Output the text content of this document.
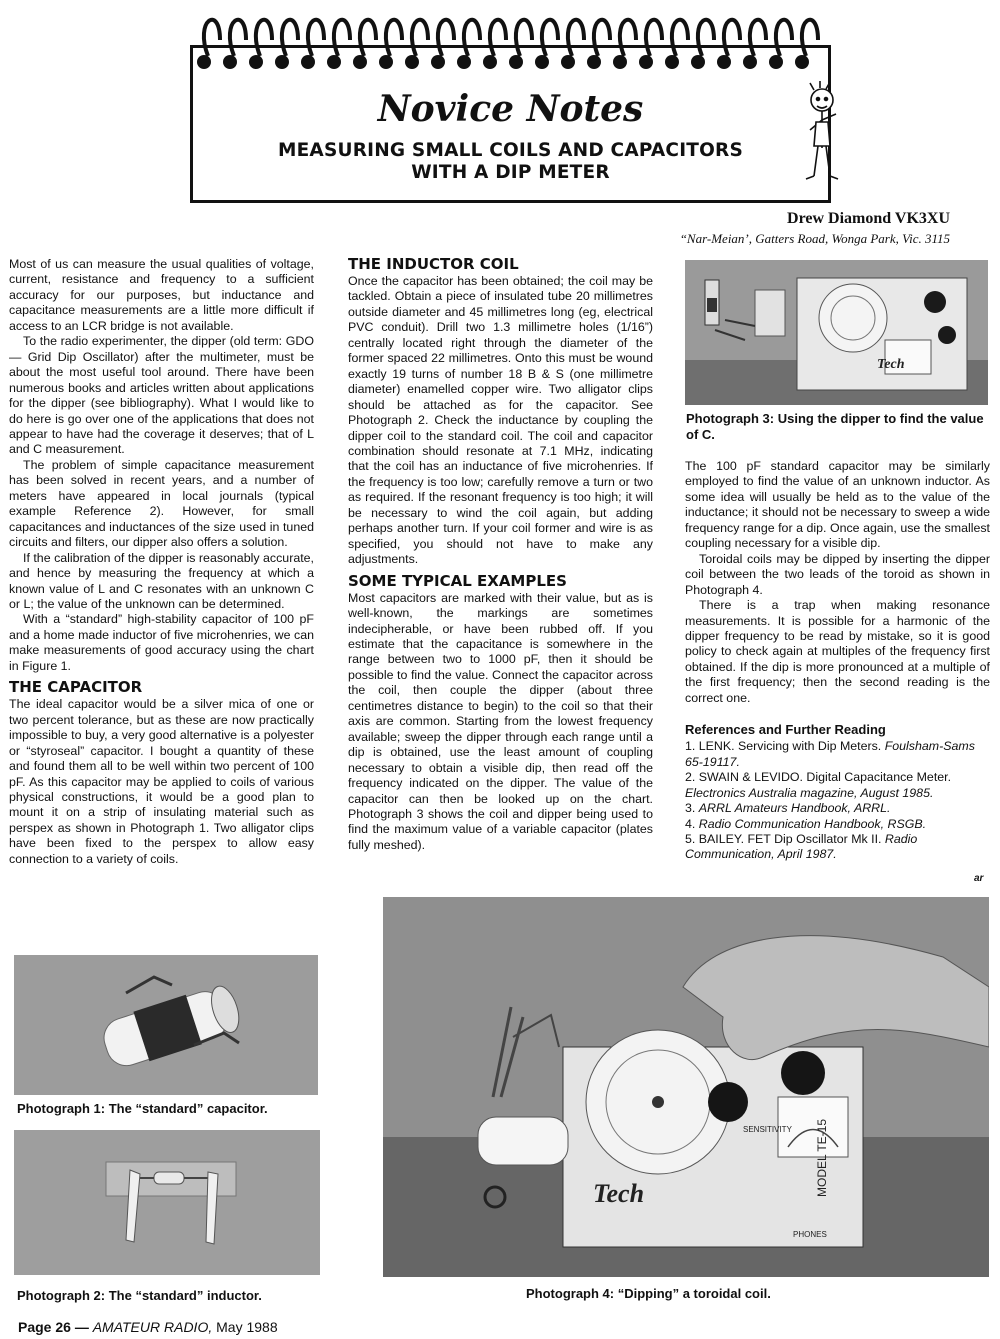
Novice Notes
MEASURING SMALL COILS AND CAPACITORS
WITH A DIP METER
Drew Diamond VK3XU
“Nar-Meian’, Gatters Road, Wonga Park, Vic. 3115

Most of us can measure the usual qualities of voltage, current, resistance and frequency to a sufficient accuracy for our purposes, but inductance and capacitance measurements are a little more difficult if access to an LCR bridge is not available.

To the radio experimenter, the dipper (old term: GDO — Grid Dip Oscillator) after the multimeter, must be about the most useful tool around. There have been numerous books and articles written about applications for the dipper (see bibliography). What I would like to do here is go over one of the applications that does not appear to have had the coverage it deserves; that of L and C measurement.

The problem of simple capacitance measurement has been solved in recent years, and a number of meters have appeared in local journals (typical example Reference 2). However, for small capacitances and inductances of the size used in tuned circuits and filters, our dipper also offers a solution.

If the calibration of the dipper is reasonably accurate, and hence by measuring the frequency at which a known value of L and C resonates with an unknown C or L; the value of the unknown can be determined.

With a “standard” high-stability capacitor of 100 pF and a home made inductor of five microhenries, we can make measurements of good accuracy using the chart in Figure 1.

THE CAPACITOR

The ideal capacitor would be a silver mica of one or two percent tolerance, but as these are now practically impossible to buy, a very good alternative is a polyester or “styroseal” capacitor. I bought a quantity of these and found them all to be well within two percent of 100 pF. As this capacitor may be applied to coils of various physical constructions, it would be a good plan to mount it on a strip of insulating material such as perspex as shown in Photograph 1. Two alligator clips have been fixed to the perspex to allow easy connection to a variety of coils.

THE INDUCTOR COIL

Once the capacitor has been obtained; the coil may be tackled. Obtain a piece of insulated tube 20 millimetres outside diameter and 45 millimetres long (eg, electrical PVC conduit). Drill two 1.3 millimetre holes (1/16”) centrally located right through the diameter of the former spaced 22 millimetres. Onto this must be wound exactly 19 turns of number 18 B & S (one millimetre diameter) enamelled copper wire. Two alligator clips should be attached as for the capacitor. See Photograph 2. Check the inductance by coupling the dipper coil to the standard coil. The coil and capacitor combination should resonate at 7.1 MHz, indicating that the coil has an inductance of five microhenries. If the frequency is too low; carefully remove a turn or two as required. If the resonant frequency is too high; it will be necessary to wind the coil again, but adding perhaps another turn. If your coil former and wire is as specified, you should not have to make any adjustments.

SOME TYPICAL EXAMPLES

Most capacitors are marked with their value, but as is well-known, the markings are sometimes indecipherable, or have been rubbed off. If you estimate that the capacitance is somewhere in the range between two to 1000 pF, then it should be possible to find the value. Connect the capacitor across the coil, then couple the dipper (about three centimetres distance to begin) to the coil so that their axis are common. Starting from the lowest frequency available; sweep the dipper through each range until a dip is obtained, use the least amount of coupling necessary to obtain a visible dip, then read off the frequency indicated on the dipper. The value of the capacitor can then be looked up on the chart. Photograph 3 shows the coil and dipper being used to find the maximum value of a variable capacitor (plates fully meshed).

The 100 pF standard capacitor may be similarly employed to find the value of an unknown inductor. As some idea will usually be held as to the value of the inductance; it should not be necessary to sweep a wide frequency range for a dip. Once again, use the smallest coupling necessary for a visible dip.

Toroidal coils may be dipped by inserting the dipper coil between the two leads of the toroid as shown in Photograph 4.

There is a trap when making resonance measurements. It is possible for a harmonic of the dipper frequency to be read by mistake, so it is good policy to check again at multiples of the frequency first obtained. If the dip is more pronounced at a multiple of the first frequency; then the second reading is the correct one.

References and Further Reading
1. LENK. Servicing with Dip Meters. Foulsham-Sams 65-19117.
2. SWAIN & LEVIDO. Digital Capacitance Meter. Electronics Australia magazine, August 1985.
3. ARRL Amateurs Handbook, ARRL.
4. Radio Communication Handbook, RSGB.
5. BAILEY. FET Dip Oscillator Mk II. Radio Communication, April 1987.
ar
Tech
Photograph 3: Using the dipper to find the value of C.
Photograph 1: The “standard” capacitor.
Photograph 2: The “standard” inductor.
Tech	MODEL TE-15
SENSITIVITY
PHONES
Photograph 4: “Dipping” a toroidal coil.
Page 26 — AMATEUR RADIO, May 1988
